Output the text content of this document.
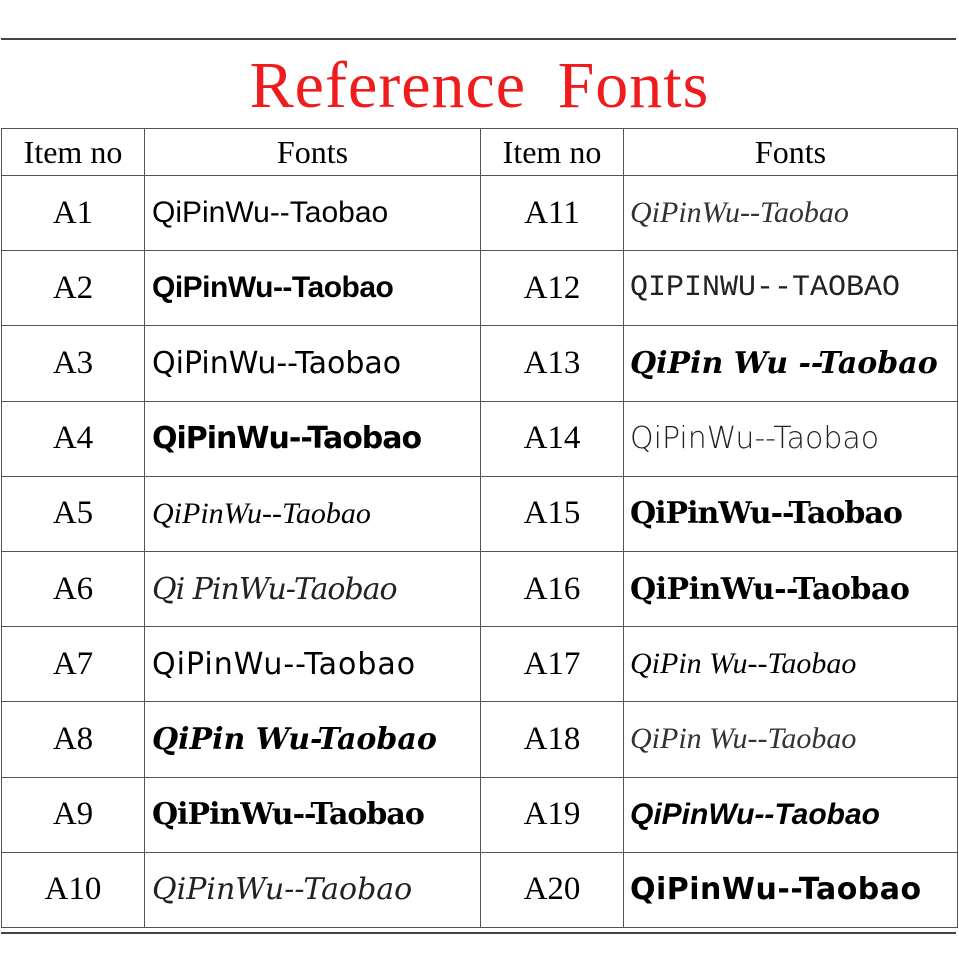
Reference Fonts
Item no	Fonts	Item no	Fonts
A1	QiPinWu--Taobao	A11	QiPinWu--Taobao
A2	QiPinWu--Taobao	A12	QIPINWU--TAOBAO
A3	QiPinWu--Taobao	A13	QiPin Wu --Taobao
A4	QiPinWu--Taobao	A14	QiPinWu--Taobao
A5	QiPinWu--Taobao	A15	QiPinWu--Taobao
A6	Qi PinWu-Taobao	A16	QiPinWu--Taobao
A7	QiPinWu--Taobao	A17	QiPin Wu--Taobao
A8	QiPin Wu-Taobao	A18	QiPin Wu--Taobao
A9	QiPinWu--Taobao	A19	QiPinWu--Taobao
A10	QiPinWu--Taobao	A20	QiPinWu--Taobao
